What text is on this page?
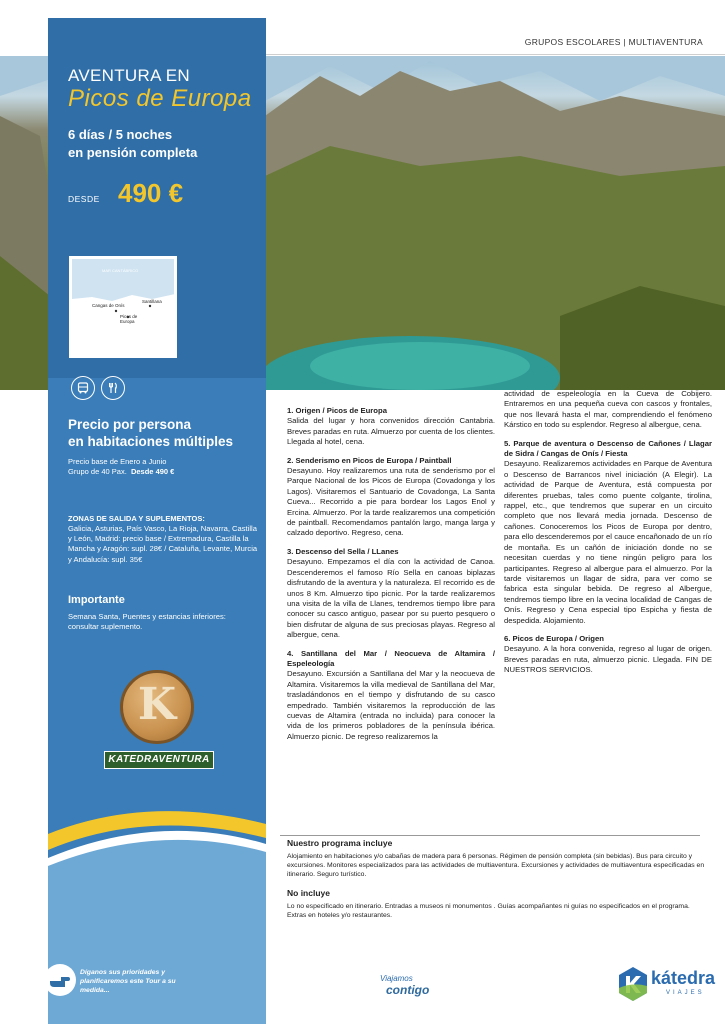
GRUPOS ESCOLARES | MULTIAVENTURA
AVENTURA EN
Picos de Europa
6 días / 5 noches
en pensión completa
DESDE 490 €
MAR CANTÁBRICO
Cangas de Onís
Santillana
Picos de Europa
Precio por persona
en habitaciones múltiples
Precio base de Enero a Junio
Grupo de 40 Pax. Desde 490 €
ZONAS DE SALIDA Y SUPLEMENTOS:
Galicia, Asturias, País Vasco, La Rioja, Navarra, Castilla y León, Madrid: precio base / Extremadura, Castilla la Mancha y Aragón: supl. 28€ / Cataluña, Levante, Murcia y Andalucía: supl. 35€
Importante
Semana Santa, Puentes y estancias inferiores: consultar suplemento.
K
KATEDRAVENTURA
Díganos sus prioridades y planificaremos este Tour a su medida...
1. Origen / Picos de Europa
Salida del lugar y hora convenidos dirección Cantabria. Breves paradas en ruta. Almuerzo por cuenta de los clientes. Llegada al hotel, cena.
2. Senderismo en Picos de Europa / Paintball
Desayuno. Hoy realizaremos una ruta de senderismo por el Parque Nacional de los Picos de Europa (Covadonga y los Lagos). Visitaremos el Santuario de Covadonga, La Santa Cueva... Recorrido a pie para bordear los Lagos Enol y Ercina. Almuerzo. Por la tarde realizaremos una competición de paintball. Recomendamos pantalón largo, manga larga y calzado deportivo. Regreso, cena.
3. Descenso del Sella / LLanes
Desayuno. Empezamos el día con la actividad de Canoa. Descenderemos el famoso Río Sella en canoas biplazas disfrutando de la aventura y la naturaleza. El recorrido es de unos 8 Km. Almuerzo tipo picnic. Por la tarde realizaremos una visita de la villa de Llanes, tendremos tiempo libre para conocer su casco antiguo, pasear por su puerto pesquero o bien disfrutar de alguna de sus preciosas playas. Regreso al albergue, cena.
4. Santillana del Mar / Neocueva de Altamira / Espeleología
Desayuno. Excursión a Santillana del Mar y la neocueva de Altamira. Visitaremos la villa medieval de Santillana del Mar, trasladándonos en el tiempo y disfrutando de su casco empedrado. También visitaremos la reproducción de las cuevas de Altamira (entrada no incluida) para conocer la vida de los primeros pobladores de la península ibérica. Almuerzo picnic. De regreso realizaremos la
actividad de espeleología en la Cueva de Cobijero. Entraremos en una pequeña cueva con cascos y frontales, que nos llevará hasta el mar, comprendiendo el fenómeno Kárstico en todo su esplendor. Regreso al albergue, cena.
5. Parque de aventura o Descenso de Cañones / Llagar de Sidra / Cangas de Onís / Fiesta
Desayuno. Realizaremos actividades en Parque de Aventura o Descenso de Barrancos nivel iniciación (A Elegir). La actividad de Parque de Aventura, está compuesta por diferentes pruebas, tales como puente colgante, tirolina, rappel, etc., que tendremos que superar en un circuito completo que nos llevará media jornada. Descenso de cañones. Conoceremos los Picos de Europa por dentro, para ello descenderemos por el cauce encañonado de un río de montaña. Es un cañón de iniciación donde no se necesitan cuerdas y no tiene ningún peligro para los participantes. Regreso al albergue para el almuerzo. Por la tarde visitaremos un llagar de sidra, para ver como se fabrica esta singular bebida. De regreso al Albergue, tendremos tiempo libre en la vecina localidad de Cangas de Onís. Regreso y Cena especial tipo Espicha y fiesta de despedida. Alojamiento.
6. Picos de Europa / Origen
Desayuno. A la hora convenida, regreso al lugar de origen. Breves paradas en ruta, almuerzo picnic. Llegada. FIN DE NUESTROS SERVICIOS.
Nuestro programa incluye
Alojamiento en habitaciones y/o cabañas de madera para 6 personas. Régimen de pensión completa (sin bebidas). Bus para circuito y excursiones. Monitores especializados para las actividades de multiaventura. Excursiones y actividades de multiaventura especificadas en itinerario. Seguro turístico.
No incluye
Lo no especificado en itinerario. Entradas a museos ni monumentos . Guías acompañantes ni guías no especificados en el programa. Extras en hoteles y/o restaurantes.
Viajamos
contigo
kátedra
VIAJES
